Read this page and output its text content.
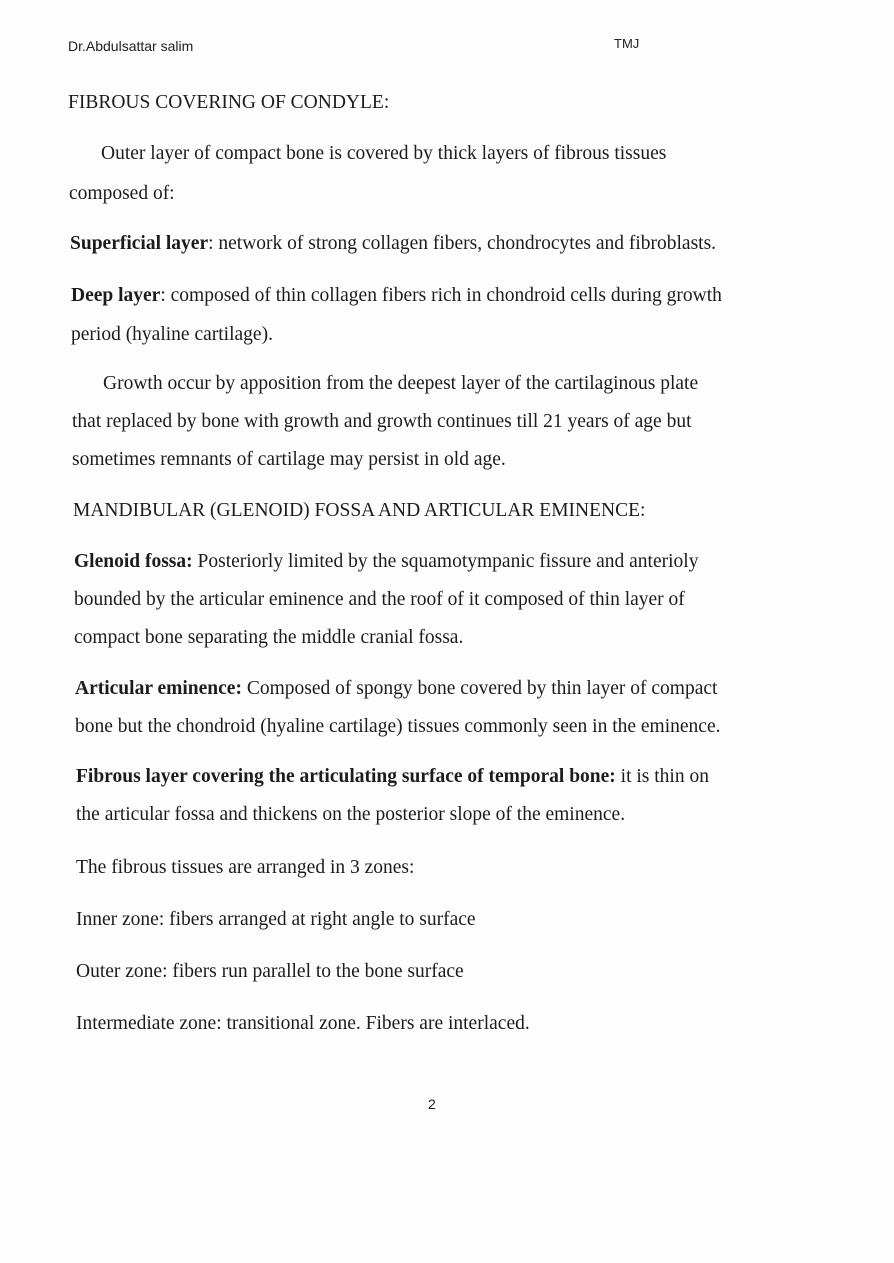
Dr.Abdulsattar salim	TMJ
FIBROUS COVERING OF CONDYLE:
Outer layer of compact bone is covered by thick layers of fibrous tissues
composed of:
Superficial layer: network of strong collagen fibers, chondrocytes and fibroblasts.
Deep layer: composed of thin collagen fibers rich in chondroid cells during growth
period (hyaline cartilage).
Growth occur by apposition from the deepest layer of the cartilaginous plate
that replaced by bone with growth and growth continues till 21 years of age but
sometimes remnants of cartilage may persist in old age.
MANDIBULAR (GLENOID) FOSSA AND ARTICULAR EMINENCE:
Glenoid fossa: Posteriorly limited by the squamotympanic fissure and anterioly
bounded by the articular eminence and the roof of it composed of thin layer of
compact bone separating the middle cranial fossa.
Articular eminence: Composed of spongy bone covered by thin layer of compact
bone but the chondroid (hyaline cartilage) tissues commonly seen in the eminence.
Fibrous layer covering the articulating surface of temporal bone: it is thin on
the articular fossa and thickens on the posterior slope of the eminence.
The fibrous tissues are arranged in 3 zones:
Inner zone: fibers arranged at right angle to surface
Outer zone: fibers run parallel to the bone surface
Intermediate zone: transitional zone. Fibers are interlaced.
2
